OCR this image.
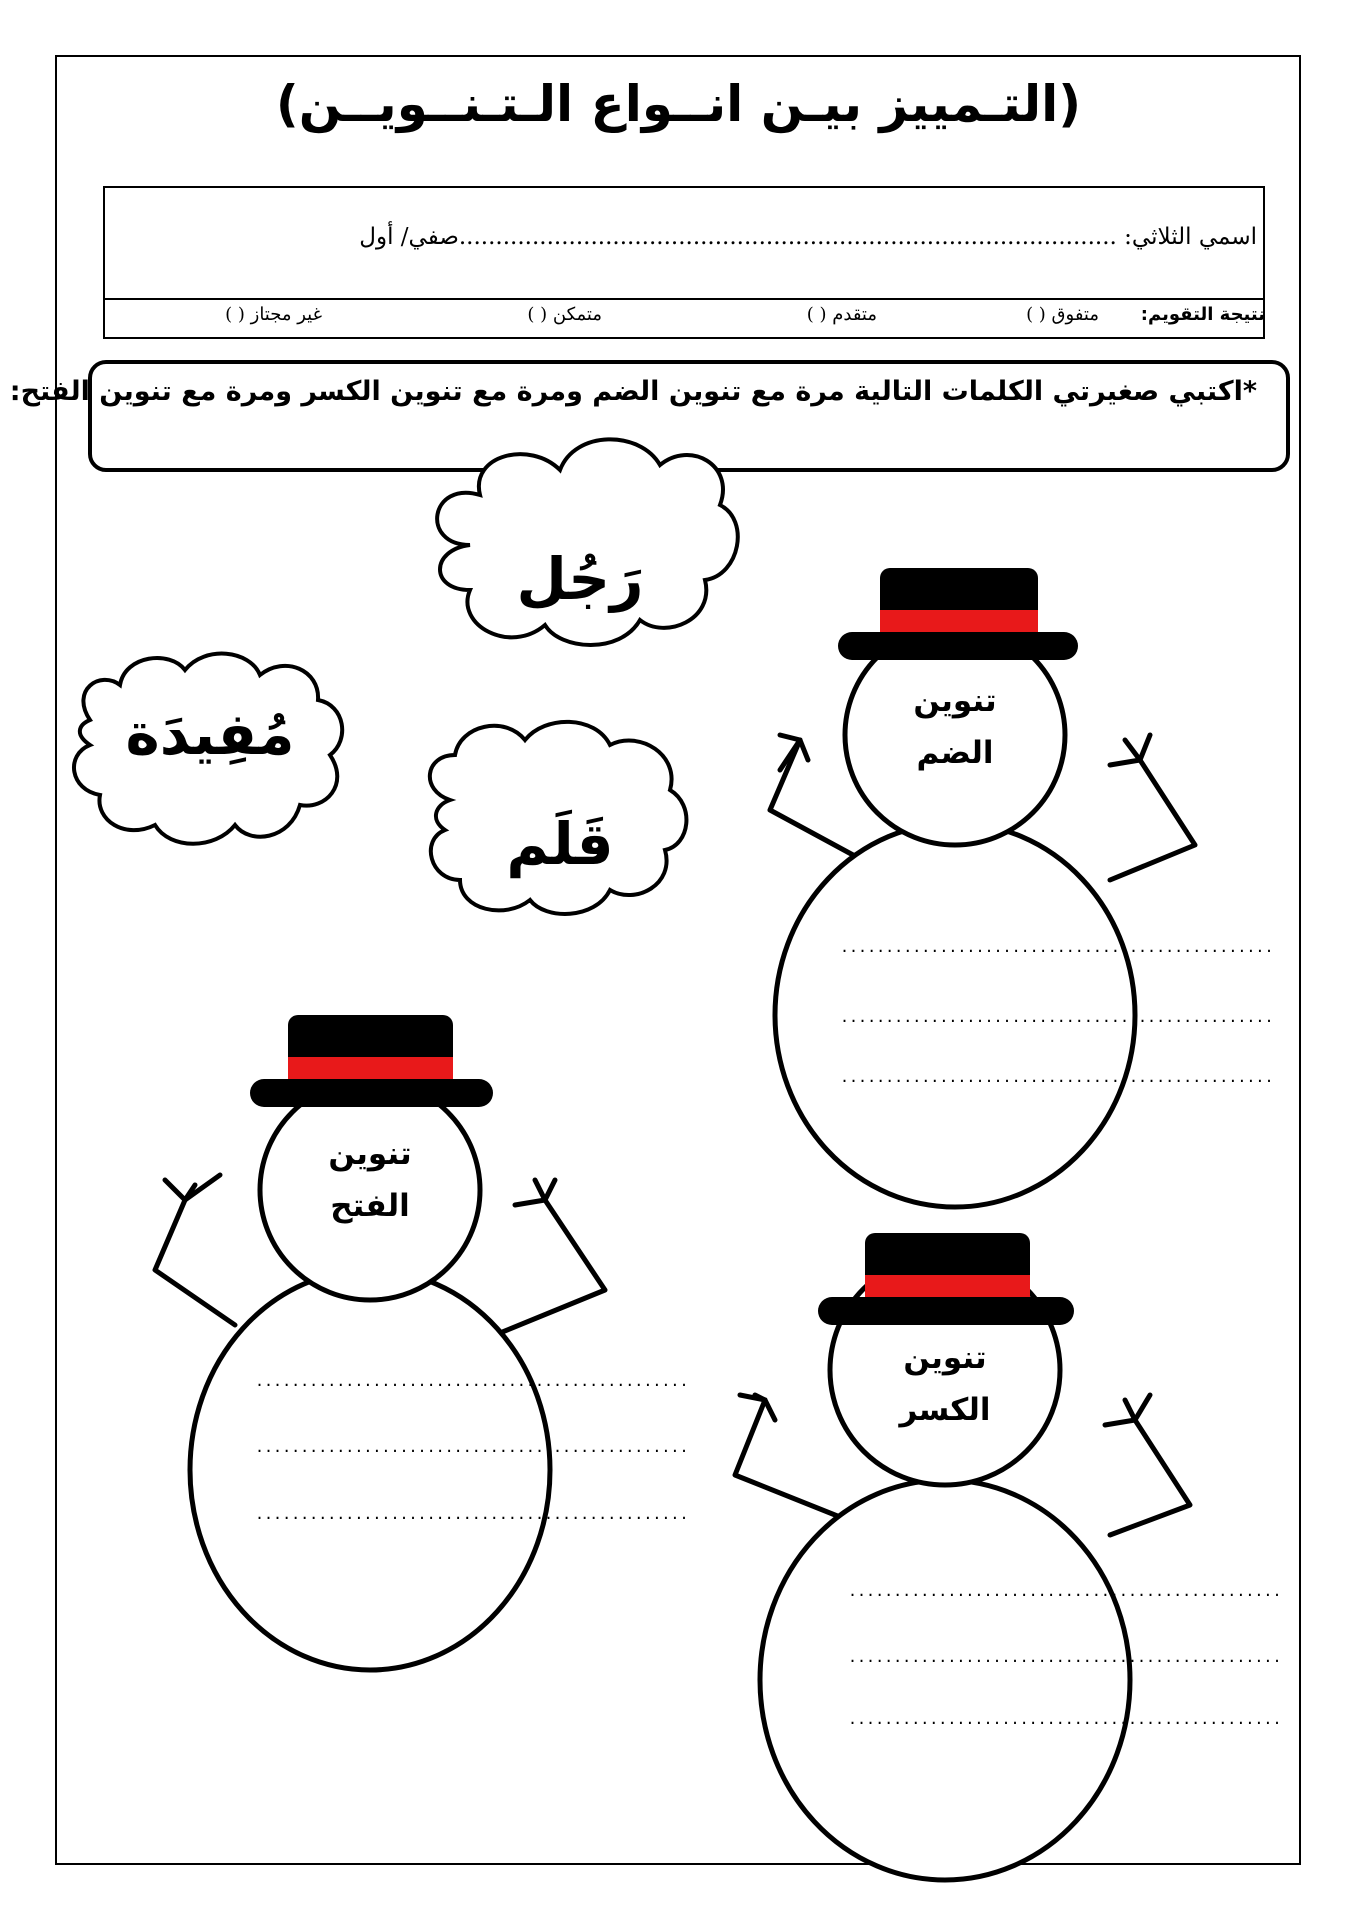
(التـمييز بيـن انــواع الـتـنــويــن)
اسمي الثلاثي: ..........................................................................................صفي/ أول
نتيجة التقويم:
متفوق ( )
متقدم ( )
متمكن ( )
غير مجتاز ( )
*اكتبي صغيرتي الكلمات التالية مرة مع تنوين الضم ومرة مع تنوين الكسر ومرة مع تنوين الفتح:
رَجُل
مُفِيدَة
قَلَم
تنوين
الضم
تنوين
الفتح
تنوين
الكسر
................................................
................................................
................................................
................................................
................................................
................................................
................................................
................................................
................................................
